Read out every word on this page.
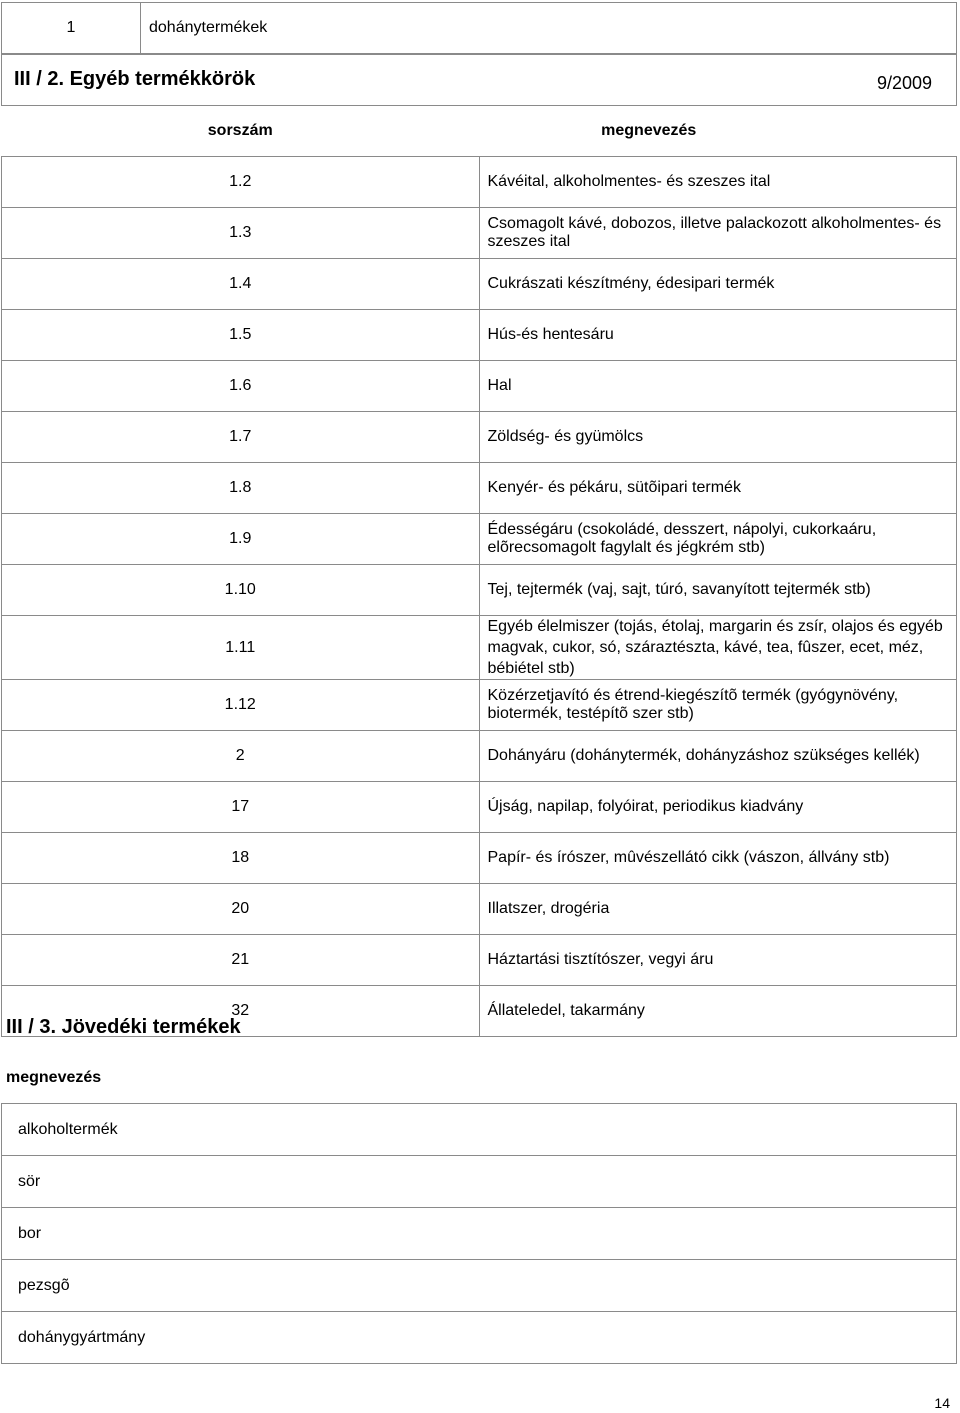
1	dohánytermékek
III / 2. Egyéb termékkörök 9/2009	

sorszám	megnevezés
1.2	Kávéital, alkoholmentes- és szeszes ital
1.3	Csomagolt kávé, dobozos, illetve palackozott alkoholmentes- és szeszes ital
1.4	Cukrászati készítmény, édesipari termék
1.5	Hús-és hentesáru
1.6	Hal
1.7	Zöldség- és gyümölcs
1.8	Kenyér- és pékáru, sütõipari termék
1.9	Édességáru (csokoládé, desszert, nápolyi, cukorkaáru, elõrecsomagolt fagylalt és jégkrém stb)
1.10	Tej, tejtermék (vaj, sajt, túró, savanyított tejtermék stb)
1.11	Egyéb élelmiszer (tojás, étolaj, margarin és zsír, olajos és egyéb magvak, cukor, só, száraztészta, kávé, tea, fûszer, ecet, méz, bébiétel stb)
1.12	Közérzetjavító és étrend-kiegészítõ termék (gyógynövény, biotermék, testépítõ szer stb)
2	Dohányáru (dohánytermék, dohányzáshoz szükséges kellék)
17	Újság, napilap, folyóirat, periodikus kiadvány
18	Papír- és írószer, mûvészellátó cikk (vászon, állvány stb)
20	Illatszer, drogéria
21	Háztartási tisztítószer, vegyi áru
32	Állateledel, takarmány
III / 3. Jövedéki termékek
megnevezés
alkoholtermék

sör

bor

pezsgõ

dohánygyártmány
14
